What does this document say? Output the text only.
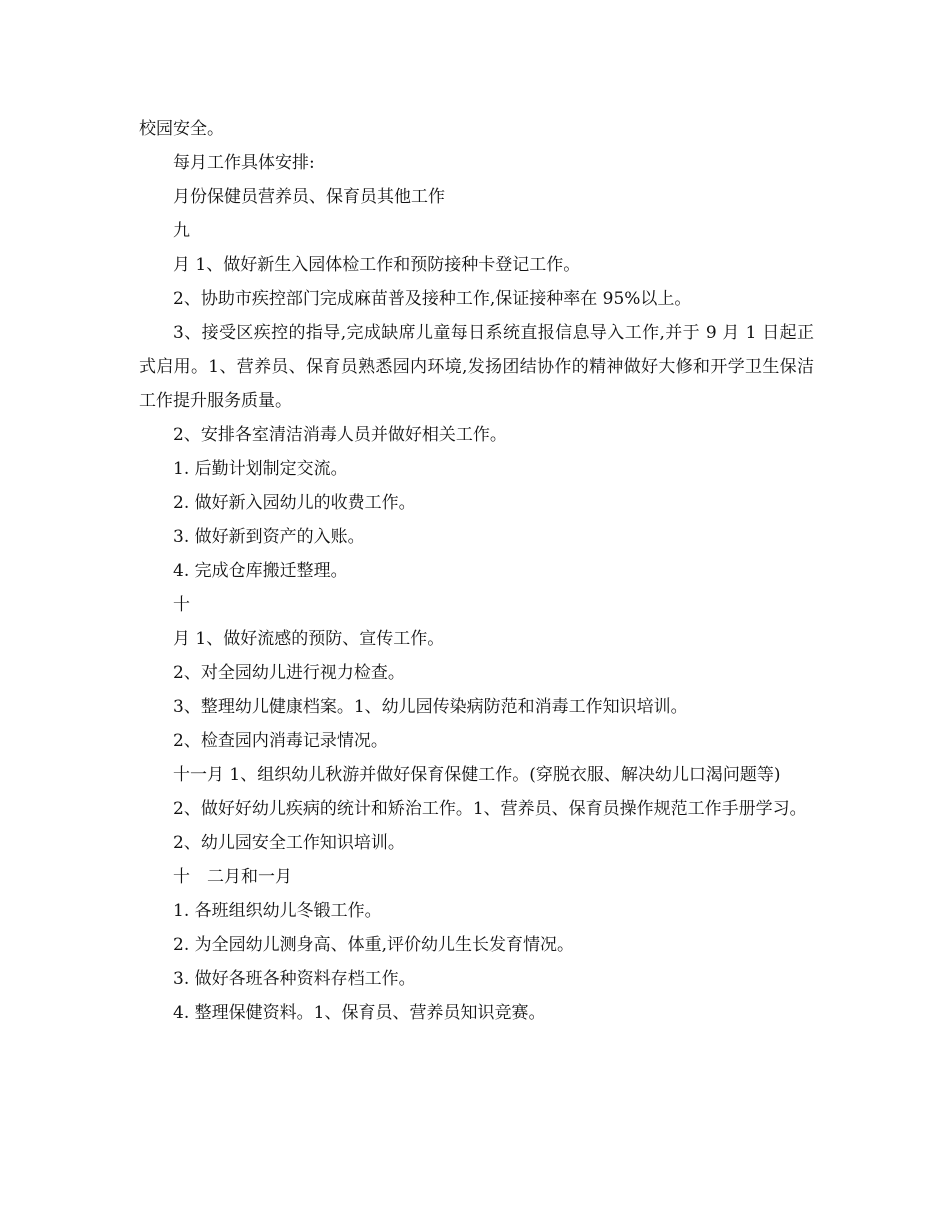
校园安全。

每月工作具体安排:

月份保健员营养员、保育员其他工作

九

月 1、做好新生入园体检工作和预防接种卡登记工作。

2、协助市疾控部门完成麻苗普及接种工作,保证接种率在 95%以上。

3、接受区疾控的指导,完成缺席儿童每日系统直报信息导入工作,并于 9 月 1 日起正式启用。1、营养员、保育员熟悉园内环境,发扬团结协作的精神做好大修和开学卫生保洁工作提升服务质量。

2、安排各室清洁消毒人员并做好相关工作。

1. 后勤计划制定交流。

2. 做好新入园幼儿的收费工作。

3. 做好新到资产的入账。

4. 完成仓库搬迁整理。

十

月 1、做好流感的预防、宣传工作。

2、对全园幼儿进行视力检查。

3、整理幼儿健康档案。1、幼儿园传染病防范和消毒工作知识培训。

2、检查园内消毒记录情况。

十一月 1、组织幼儿秋游并做好保育保健工作。(穿脱衣服、解决幼儿口渴问题等)

2、做好好幼儿疾病的统计和矫治工作。1、营养员、保育员操作规范工作手册学习。

2、幼儿园安全工作知识培训。

十　二月和一月

1. 各班组织幼儿冬锻工作。

2. 为全园幼儿测身高、体重,评价幼儿生长发育情况。

3. 做好各班各种资料存档工作。

4. 整理保健资料。1、保育员、营养员知识竞赛。
